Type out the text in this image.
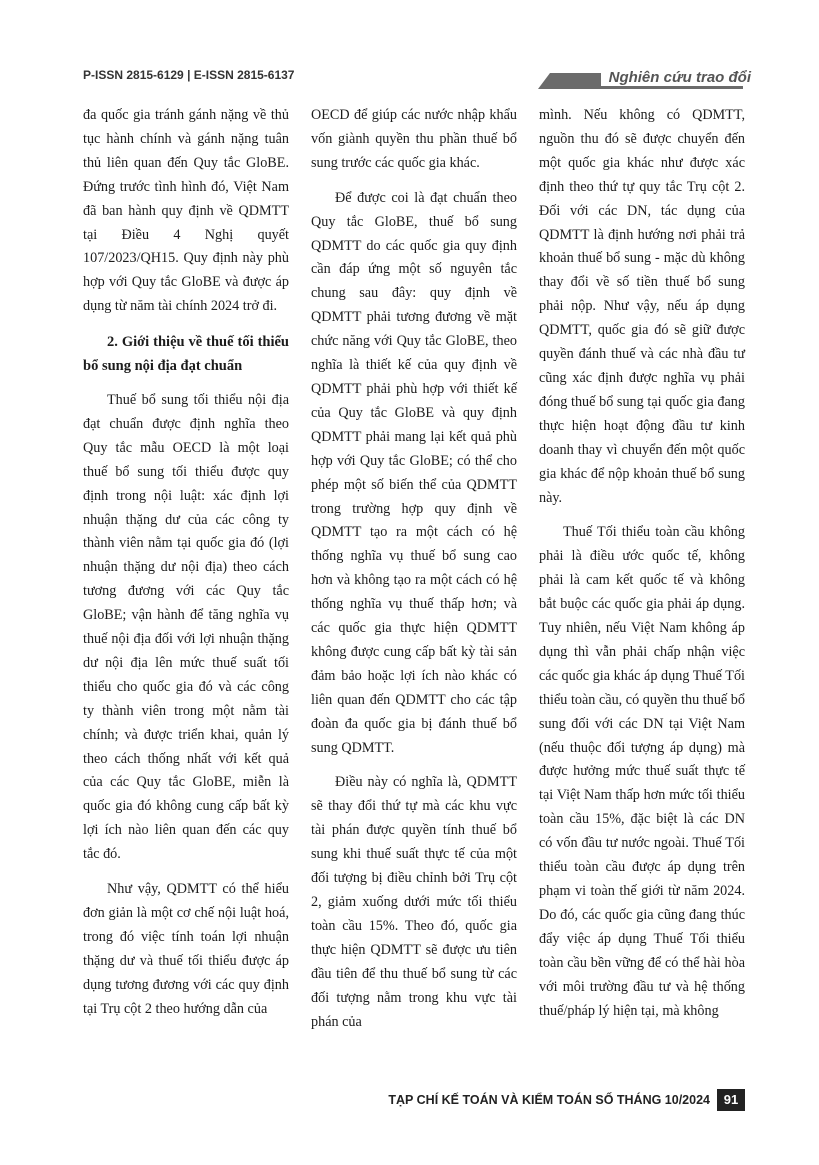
P-ISSN 2815-6129 | E-ISSN 2815-6137	Nghiên cứu trao đổi

đa quốc gia tránh gánh nặng về thủ tục hành chính và gánh nặng tuân thủ liên quan đến Quy tắc GloBE. Đứng trước tình hình đó, Việt Nam đã ban hành quy định về QDMTT tại Điều 4 Nghị quyết 107/2023/QH15. Quy định này phù hợp với Quy tắc GloBE và được áp dụng từ năm tài chính 2024 trở đi.

2. Giới thiệu về thuế tối thiểu bổ sung nội địa đạt chuẩn

Thuế bổ sung tối thiểu nội địa đạt chuẩn được định nghĩa theo Quy tắc mẫu OECD là một loại thuế bổ sung tối thiểu được quy định trong nội luật: xác định lợi nhuận thặng dư của các công ty thành viên nằm tại quốc gia đó (lợi nhuận thặng dư nội địa) theo cách tương đương với các Quy tắc GloBE; vận hành để tăng nghĩa vụ thuế nội địa đối với lợi nhuận thặng dư nội địa lên mức thuế suất tối thiểu cho quốc gia đó và các công ty thành viên trong một nằm tài chính; và được triển khai, quản lý theo cách thống nhất với kết quả của các Quy tắc GloBE, miễn là quốc gia đó không cung cấp bất kỳ lợi ích nào liên quan đến các quy tắc đó.

Như vậy, QDMTT có thể hiểu đơn giản là một cơ chế nội luật hoá, trong đó việc tính toán lợi nhuận thặng dư và thuế tối thiểu được áp dụng tương đương với các quy định tại Trụ cột 2 theo hướng dẫn của

OECD để giúp các nước nhập khẩu vốn giành quyền thu phần thuế bổ sung trước các quốc gia khác.

Để được coi là đạt chuẩn theo Quy tắc GloBE, thuế bổ sung QDMTT do các quốc gia quy định cần đáp ứng một số nguyên tắc chung sau đây: quy định về QDMTT phải tương đương về mặt chức năng với Quy tắc GloBE, theo nghĩa là thiết kế của quy định về QDMTT phải phù hợp với thiết kế của Quy tắc GloBE và quy định QDMTT phải mang lại kết quả phù hợp với Quy tắc GloBE; có thể cho phép một số biến thể của QDMTT trong trường hợp quy định về QDMTT tạo ra một cách có hệ thống nghĩa vụ thuế bổ sung cao hơn và không tạo ra một cách có hệ thống nghĩa vụ thuế thấp hơn; và các quốc gia thực hiện QDMTT không được cung cấp bất kỳ tài sản đảm bảo hoặc lợi ích nào khác có liên quan đến QDMTT cho các tập đoàn đa quốc gia bị đánh thuế bổ sung QDMTT.

Điều này có nghĩa là, QDMTT sẽ thay đổi thứ tự mà các khu vực tài phán được quyền tính thuế bổ sung khi thuế suất thực tế của một đối tượng bị điều chỉnh bởi Trụ cột 2, giảm xuống dưới mức tối thiểu toàn cầu 15%. Theo đó, quốc gia thực hiện QDMTT sẽ được ưu tiên đầu tiên để thu thuế bổ sung từ các đối tượng nằm trong khu vực tài phán của

mình. Nếu không có QDMTT, nguồn thu đó sẽ được chuyển đến một quốc gia khác như được xác định theo thứ tự quy tắc Trụ cột 2. Đối với các DN, tác dụng của QDMTT là định hướng nơi phải trả khoản thuế bổ sung - mặc dù không thay đổi về số tiền thuế bổ sung phải nộp. Như vậy, nếu áp dụng QDMTT, quốc gia đó sẽ giữ được quyền đánh thuế và các nhà đầu tư cũng xác định được nghĩa vụ phải đóng thuế bổ sung tại quốc gia đang thực hiện hoạt động đầu tư kinh doanh thay vì chuyển đến một quốc gia khác để nộp khoản thuế bổ sung này.

Thuế Tối thiểu toàn cầu không phải là điều ước quốc tế, không phải là cam kết quốc tế và không bắt buộc các quốc gia phải áp dụng. Tuy nhiên, nếu Việt Nam không áp dụng thì vẫn phải chấp nhận việc các quốc gia khác áp dụng Thuế Tối thiểu toàn cầu, có quyền thu thuế bổ sung đối với các DN tại Việt Nam (nếu thuộc đối tượng áp dụng) mà được hưởng mức thuế suất thực tế tại Việt Nam thấp hơn mức tối thiểu toàn cầu 15%, đặc biệt là các DN có vốn đầu tư nước ngoài. Thuế Tối thiểu toàn cầu được áp dụng trên phạm vi toàn thế giới từ năm 2024. Do đó, các quốc gia cũng đang thúc đẩy việc áp dụng Thuế Tối thiểu toàn cầu bền vững để có thể hài hòa với môi trường đầu tư và hệ thống thuế/pháp lý hiện tại, mà không

TẠP CHÍ KẾ TOÁN VÀ KIỂM TOÁN SỐ THÁNG 10/2024	91
